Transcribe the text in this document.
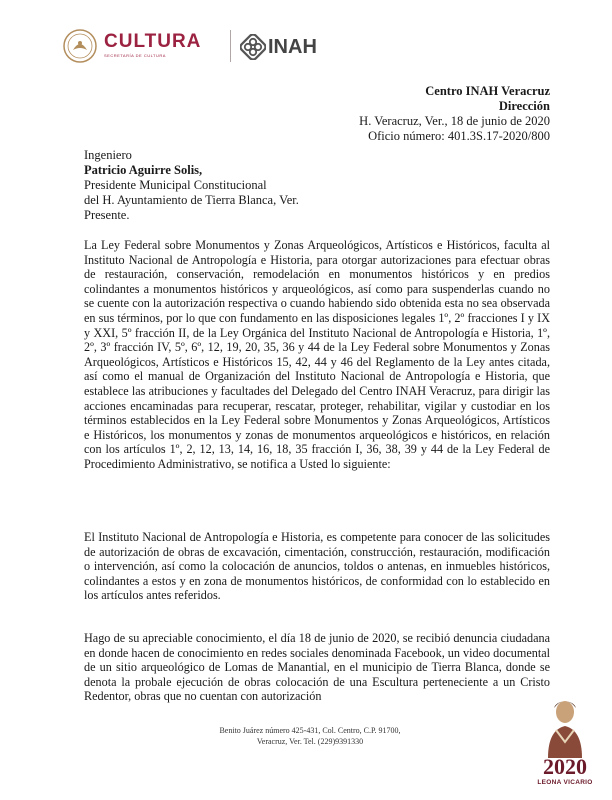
CULTURA
SECRETARÍA DE CULTURA	INAH
Centro INAH Veracruz
Dirección
H. Veracruz, Ver., 18 de junio de 2020
Oficio número: 401.3S.17-2020/800
Ingeniero
Patricio Aguirre Solis,
Presidente Municipal Constitucional
del H. Ayuntamiento de Tierra Blanca, Ver.
Presente.

La Ley Federal sobre Monumentos y Zonas Arqueológicos, Artísticos e Históricos, faculta al Instituto Nacional de Antropología e Historia, para otorgar autorizaciones para efectuar obras de restauración, conservación, remodelación en monumentos históricos y en predios colindantes a monumentos históricos y arqueológicos, así como para suspenderlas cuando no se cuente con la autorización respectiva o cuando habiendo sido obtenida esta no sea observada en sus términos, por lo que con fundamento en las disposiciones legales 1º, 2º fracciones I y IX y XXI, 5º fracción II, de la Ley Orgánica del Instituto Nacional de Antropología e Historia, 1º, 2º, 3º fracción IV, 5º, 6º, 12, 19, 20, 35, 36 y 44 de la Ley Federal sobre Monumentos y Zonas Arqueológicos, Artísticos e Históricos 15, 42, 44 y 46 del Reglamento de la Ley antes citada, así como el manual de Organización del Instituto Nacional de Antropología e Historia, que establece las atribuciones y facultades del Delegado del Centro INAH Veracruz, para dirigir las acciones encaminadas para recuperar, rescatar, proteger, rehabilitar, vigilar y custodiar en los términos establecidos en la Ley Federal sobre Monumentos y Zonas Arqueológicos, Artísticos e Históricos, los monumentos y zonas de monumentos arqueológicos e históricos, en relación con los artículos 1º, 2, 12, 13, 14, 16, 18, 35 fracción I, 36, 38, 39 y 44 de la Ley Federal de Procedimiento Administrativo, se notifica a Usted lo siguiente:

El Instituto Nacional de Antropología e Historia, es competente para conocer de las solicitudes de autorización de obras de excavación, cimentación, construcción, restauración, modificación o intervención, así como la colocación de anuncios, toldos o antenas, en inmuebles históricos, colindantes a estos y en zona de monumentos históricos, de conformidad con lo establecido en los artículos antes referidos.

Hago de su apreciable conocimiento, el día 18 de junio de 2020, se recibió denuncia ciudadana en donde hacen de conocimiento en redes sociales denominada Facebook, un video documental de un sitio arqueológico de Lomas de Manantial, en el municipio de Tierra Blanca, donde se denota la probale ejecución de obras colocación de una Escultura perteneciente a un Cristo Redentor, obras que no cuentan con autorización

Benito Juárez número 425-431, Col. Centro, C.P. 91700,
Veracruz, Ver. Tel. (229)9391330
2020
LEONA VICARIO
